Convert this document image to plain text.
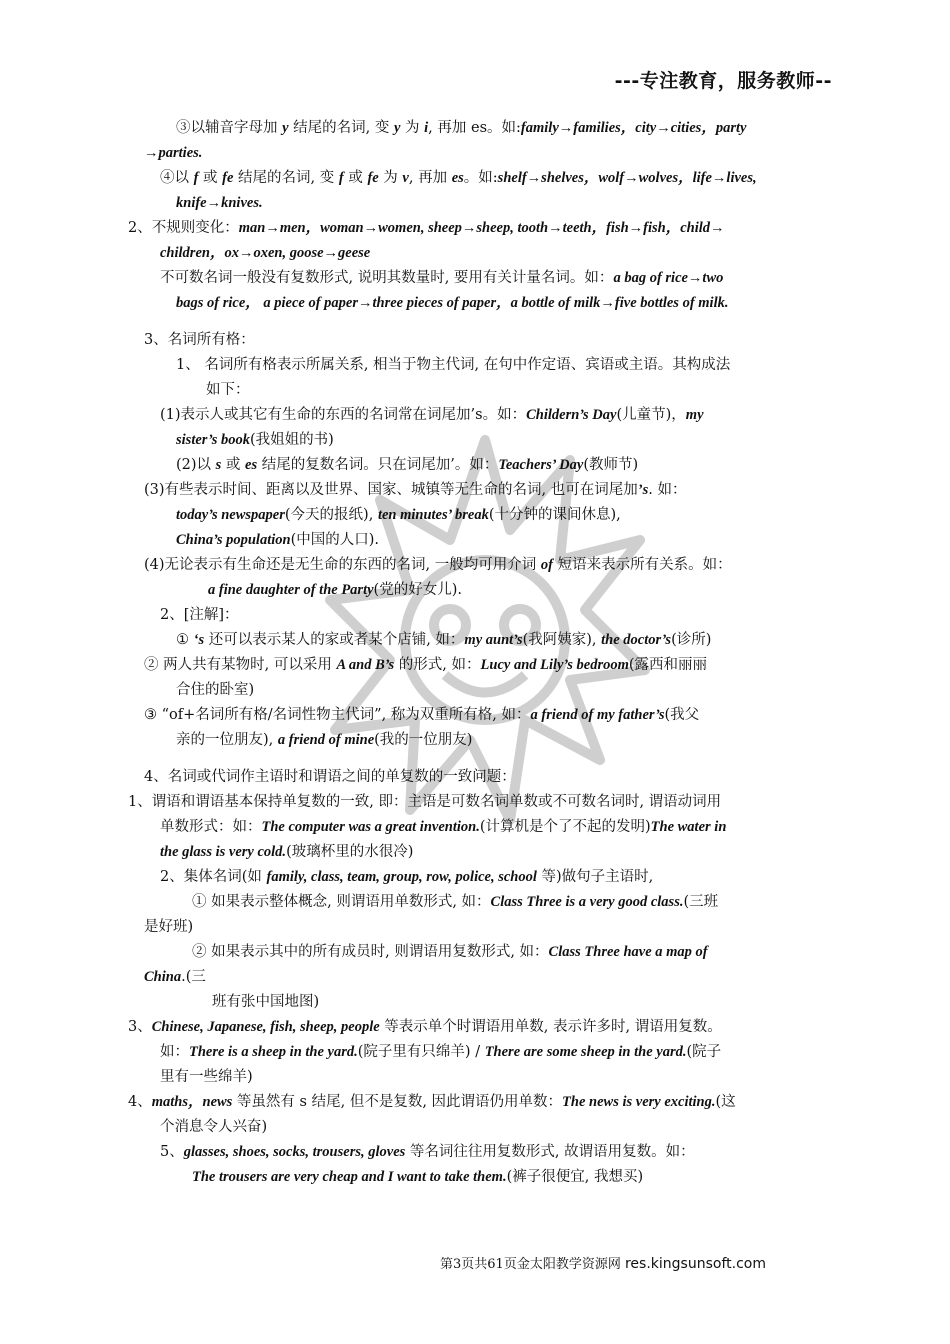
---专注教育，服务教师--
③以辅音字母加 y 结尾的名词, 变 y 为 i, 再加 es。如:family→families，city→cities，party
→parties.
④以 f 或 fe 结尾的名词, 变 f 或 fe 为 v, 再加 es。如:shelf→shelves，wolf→wolves，life→lives,
knife→knives.
2、不规则变化：man→men，woman→women, sheep→sheep, tooth→teeth，fish→fish，child→
children，ox→oxen, goose→geese
不可数名词一般没有复数形式, 说明其数量时, 要用有关计量名词。如：a bag of rice→two
bags of rice， a piece of paper→three pieces of paper，a bottle of milk→five bottles of milk.
3、名词所有格：
1、 名词所有格表示所属关系, 相当于物主代词, 在句中作定语、宾语或主语。其构成法
如下：
(1)表示人或其它有生命的东西的名词常在词尾加’s。如：Childern’s Day(儿童节)，my
sister’s book(我姐姐的书)
(2)以 s 或 es 结尾的复数名词。只在词尾加’。如：Teachers’ Day(教师节)
(3)有些表示时间、距离以及世界、国家、城镇等无生命的名词, 也可在词尾加’s. 如：
today’s newspaper(今天的报纸), ten minutes’ break(十分钟的课间休息),
China’s population(中国的人口).
(4)无论表示有生命还是无生命的东西的名词, 一般均可用介词 of 短语来表示所有关系。如：
a fine daughter of the Party(党的好女儿).
2、[注解]：
① ‘s 还可以表示某人的家或者某个店铺, 如：my aunt’s(我阿姨家), the doctor’s(诊所)
② 两人共有某物时, 可以采用 A and B’s 的形式, 如：Lucy and Lily’s bedroom(露西和丽丽
合住的卧室)
③ “of+名词所有格/名词性物主代词”, 称为双重所有格, 如：a friend of my father’s(我父
亲的一位朋友), a friend of mine(我的一位朋友)
4、名词或代词作主语时和谓语之间的单复数的一致问题：
1、谓语和谓语基本保持单复数的一致, 即：主语是可数名词单数或不可数名词时, 谓语动词用
单数形式：如：The computer was a great invention.(计算机是个了不起的发明)The water in
the glass is very cold.(玻璃杯里的水很冷)
2、集体名词(如 family, class, team, group, row, police, school 等)做句子主语时,
① 如果表示整体概念, 则谓语用单数形式, 如：Class Three is a very good class.(三班
是好班)
② 如果表示其中的所有成员时, 则谓语用复数形式, 如：Class Three have a map of
China.(三
班有张中国地图)
3、Chinese, Japanese, fish, sheep, people 等表示单个时谓语用单数, 表示许多时, 谓语用复数。
如：There is a sheep in the yard.(院子里有只绵羊) / There are some sheep in the yard.(院子
里有一些绵羊)
4、maths，news 等虽然有 s 结尾, 但不是复数, 因此谓语仍用单数：The news is very exciting.(这
个消息令人兴奋)
5、glasses, shoes, socks, trousers, gloves 等名词往往用复数形式, 故谓语用复数。如：
The trousers are very cheap and I want to take them.(裤子很便宜, 我想买)
第3页共61页金太阳教学资源网 res.kingsunsoft.com
